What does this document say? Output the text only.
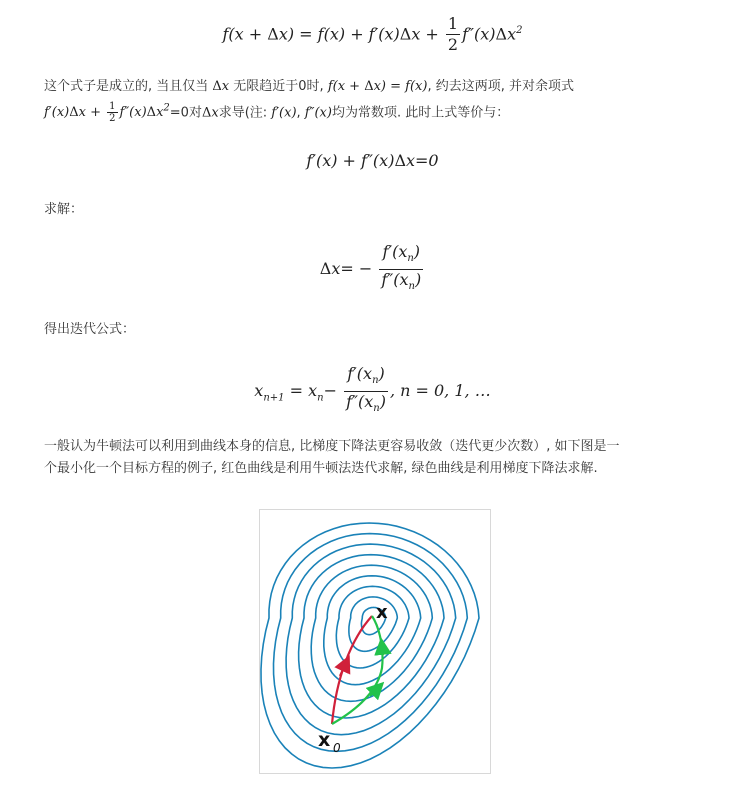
$f(x + \Delta x) = f(x) + f'(x)\Delta x + \frac{1}{2} f''(x)\Delta x^2$
这个式子是成立的, 当且仅当 Δx 无限趋近于0时, f(x + Δx) = f(x), 约去这两项, 并对余项式
$f'(x)\Delta x + \frac{1}{2} f''(x)\Delta x^2=0$对Δx求导(注: f′(x), f″(x)均为常数项. 此时上式等价与：
f′(x) + f″(x)Δx=0
求解：
$\Delta x= - \frac{f'(x_n)}{f''(x_n)}$
得出迭代公式：
$x_{n+1} = x_n- \frac{f'(x_n)}{f''(x_n)}$ , n = 0, 1, …
一般认为牛顿法可以利用到曲线本身的信息, 比梯度下降法更容易收敛（迭代更少次数）, 如下图是一
个最小化一个目标方程的例子, 红色曲线是利用牛顿法迭代求解, 绿色曲线是利用梯度下降法求解.
x
x 0
